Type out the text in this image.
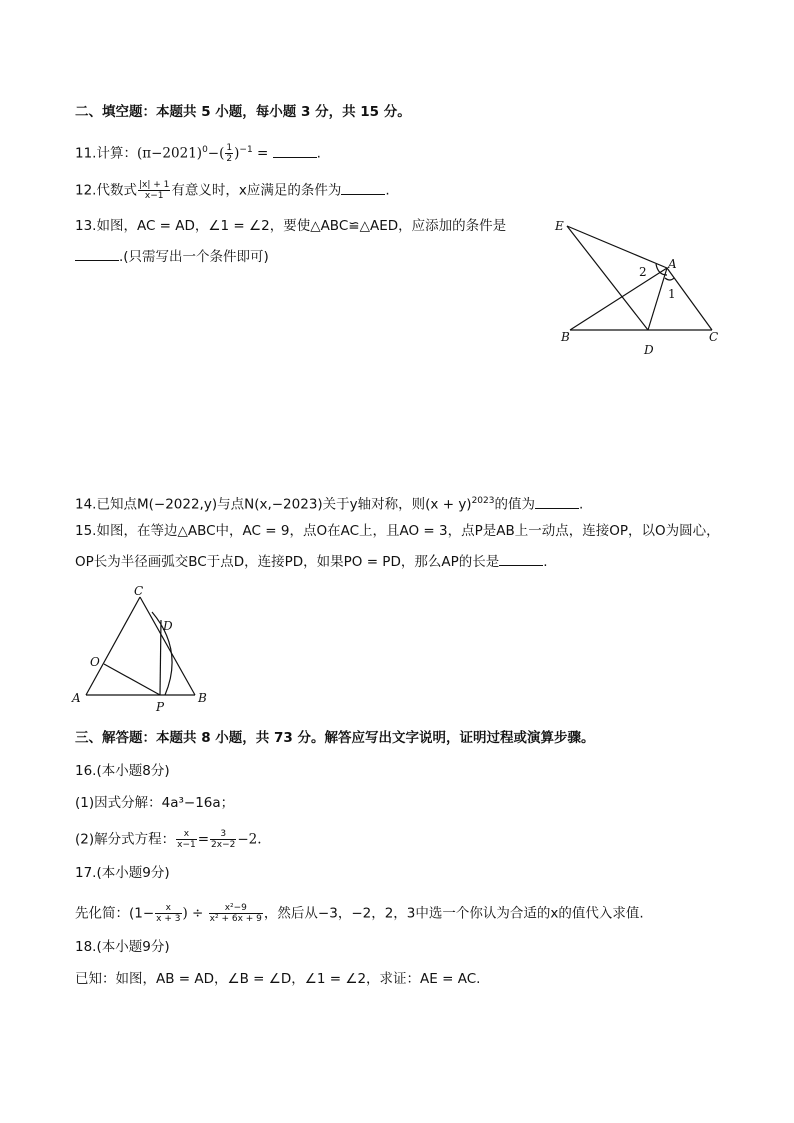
二、填空题：本题共 5 小题，每小题 3 分，共 15 分。
11.计算：$(\pi-2021)^0-( \frac{1}{2} )^{-1}$ =	.
12.代数式 $\frac{|x| + 1}{x-1}$ 有意义时，x应满足的条件为	.
13.如图，AC = AD，∠1 = ∠2，要使△ABC≌△AED，应添加的条件是
.(只需写出一个条件即可)
E
A
B	C
D
2
1
14.已知点M(−2022,y)与点N(x,−2023)关于y轴对称，则$(x + y)^{2023}$的值为	.
15.如图，在等边△ABC中，AC = 9，点O在AC上，且AO = 3，点P是AB上一动点，连接OP，以O为圆心，
OP长为半径画弧交BC于点D，连接PD，如果PO = PD，那么AP的长是	.
C
D
O
A
P
B
三、解答题：本题共 8 小题，共 73 分。解答应写出文字说明，证明过程或演算步骤。
16.(本小题8分)
(1)因式分解：4a³−16a；
(2)解分式方程： $\frac{x}{x-1} = \frac{3}{2x-2} -2$.
17.(本小题9分)
先化简：($1- \frac{x}{x + 3}$ ) ÷ $\frac{\text{x²−9}}{\text{x² + 6x + 9}}$ ，然后从−3，−2，2，3中选一个你认为合适的x的值代入求值.
18.(本小题9分)
已知：如图，AB = AD，∠B = ∠D，∠1 = ∠2，求证：AE = AC.
